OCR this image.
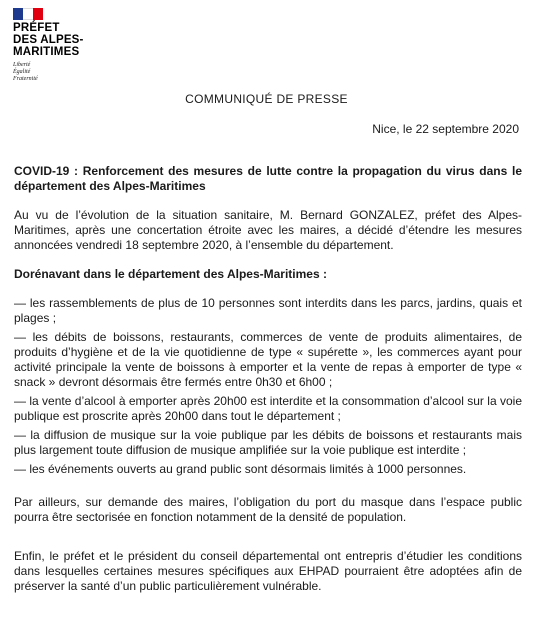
PRÉFET
DES ALPES-
MARITIMES
Liberté
Égalité
Fraternité
COMMUNIQUÉ DE PRESSE
Nice, le 22 septembre 2020

COVID-19 : Renforcement des mesures de lutte contre la propagation du virus dans le département des Alpes-Maritimes

Au vu de l’évolution de la situation sanitaire, M. Bernard GONZALEZ, préfet des Alpes-Maritimes, après une concertation étroite avec les maires, a décidé d’étendre les mesures annoncées vendredi 18 septembre 2020, à l’ensemble du département.

Dorénavant dans le département des Alpes-Maritimes :

— les rassemblements de plus de 10 personnes sont interdits dans les parcs, jardins, quais et plages ;

— les débits de boissons, restaurants, commerces de vente de produits alimentaires, de produits d’hygiène et de la vie quotidienne de type « supérette », les commerces ayant pour activité principale la vente de boissons à emporter et la vente de repas à emporter de type « snack » devront désormais être fermés entre 0h30 et 6h00 ;

— la vente d’alcool à emporter après 20h00 est interdite et la consommation d’alcool sur la voie publique est proscrite après 20h00 dans tout le département ;

— la diffusion de musique sur la voie publique par les débits de boissons et restaurants mais plus largement toute diffusion de musique amplifiée sur la voie publique est interdite ;

— les événements ouverts au grand public sont désormais limités à 1000 personnes.

Par ailleurs, sur demande des maires, l’obligation du port du masque dans l’espace public pourra être sectorisée en fonction notamment de la densité de population.

Enfin, le préfet et le président du conseil départemental ont entrepris d’étudier les conditions dans lesquelles certaines mesures spécifiques aux EHPAD pourraient être adoptées afin de préserver la santé d’un public particulièrement vulnérable.
